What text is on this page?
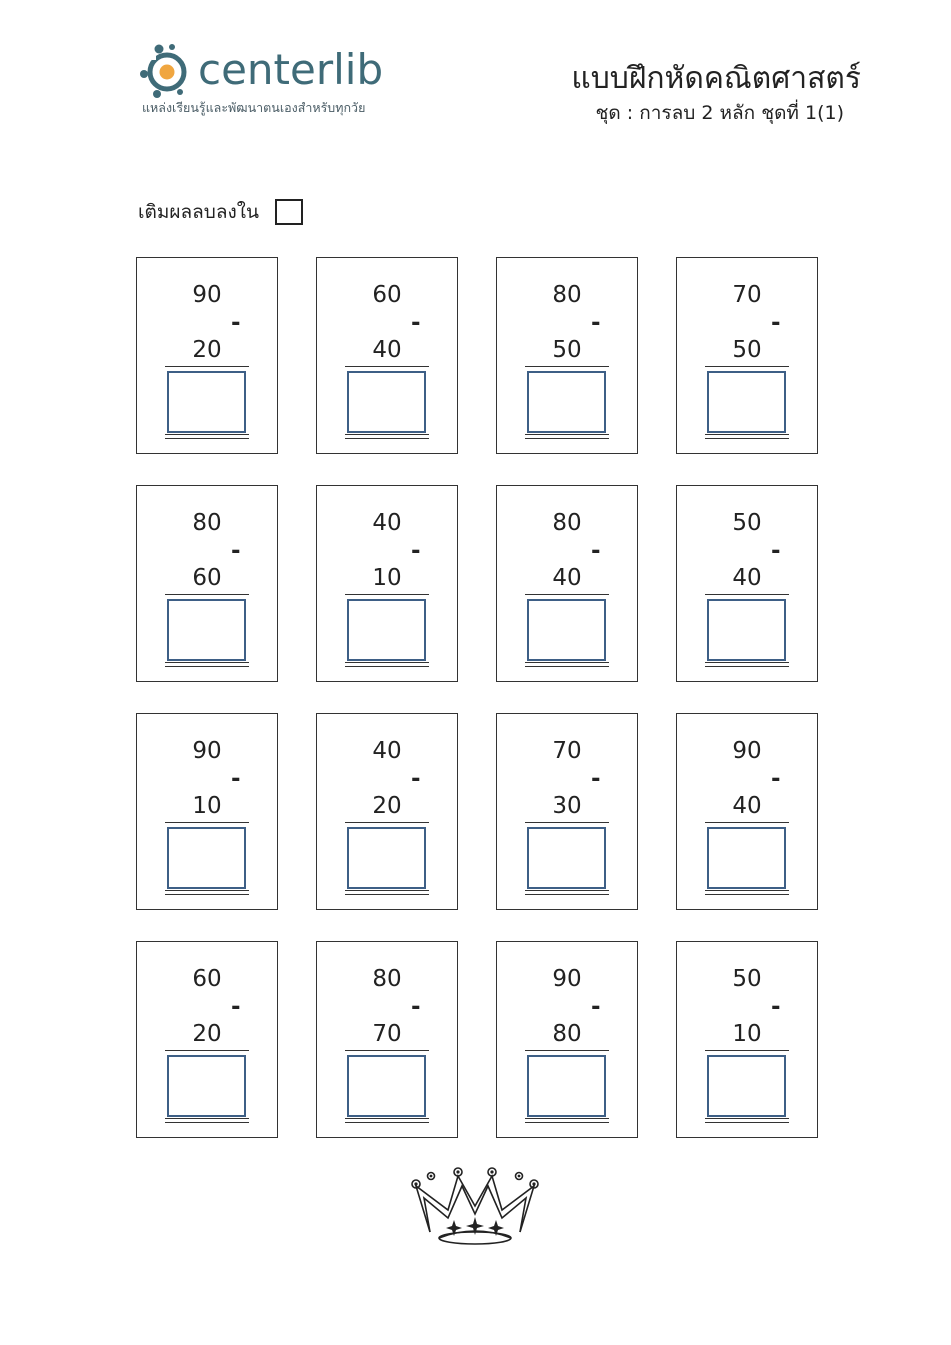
centerlib
แหล่งเรียนรู้และพัฒนาตนเองสำหรับทุกวัย
แบบฝึกหัดคณิตศาสตร์
ชุด : การลบ 2 หลัก ชุดที่ 1(1)
เติมผลลบลงใน
90
-
20
60
-
40
80
-
50
70
-
50
80
-
60
40
-
10
80
-
40
50
-
40
90
-
10
40
-
20
70
-
30
90
-
40
60
-
20
80
-
70
90
-
80
50
-
10
